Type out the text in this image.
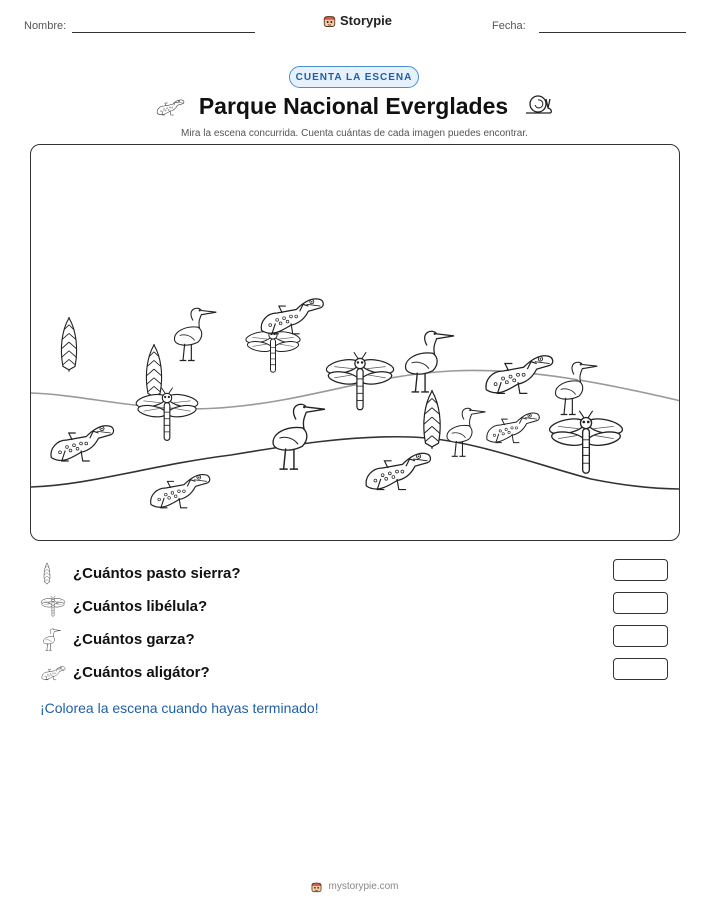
Nombre:	Storypie	Fecha:
CUENTA LA ESCENA
Parque Nacional Everglades
Mira la escena concurrida. Cuenta cuántas de cada imagen puedes encontrar.
¿Cuántos pasto sierra?
¿Cuántos libélula?
¿Cuántos garza?
¿Cuántos aligátor?
¡Colorea la escena cuando hayas terminado!
mystorypie.com
